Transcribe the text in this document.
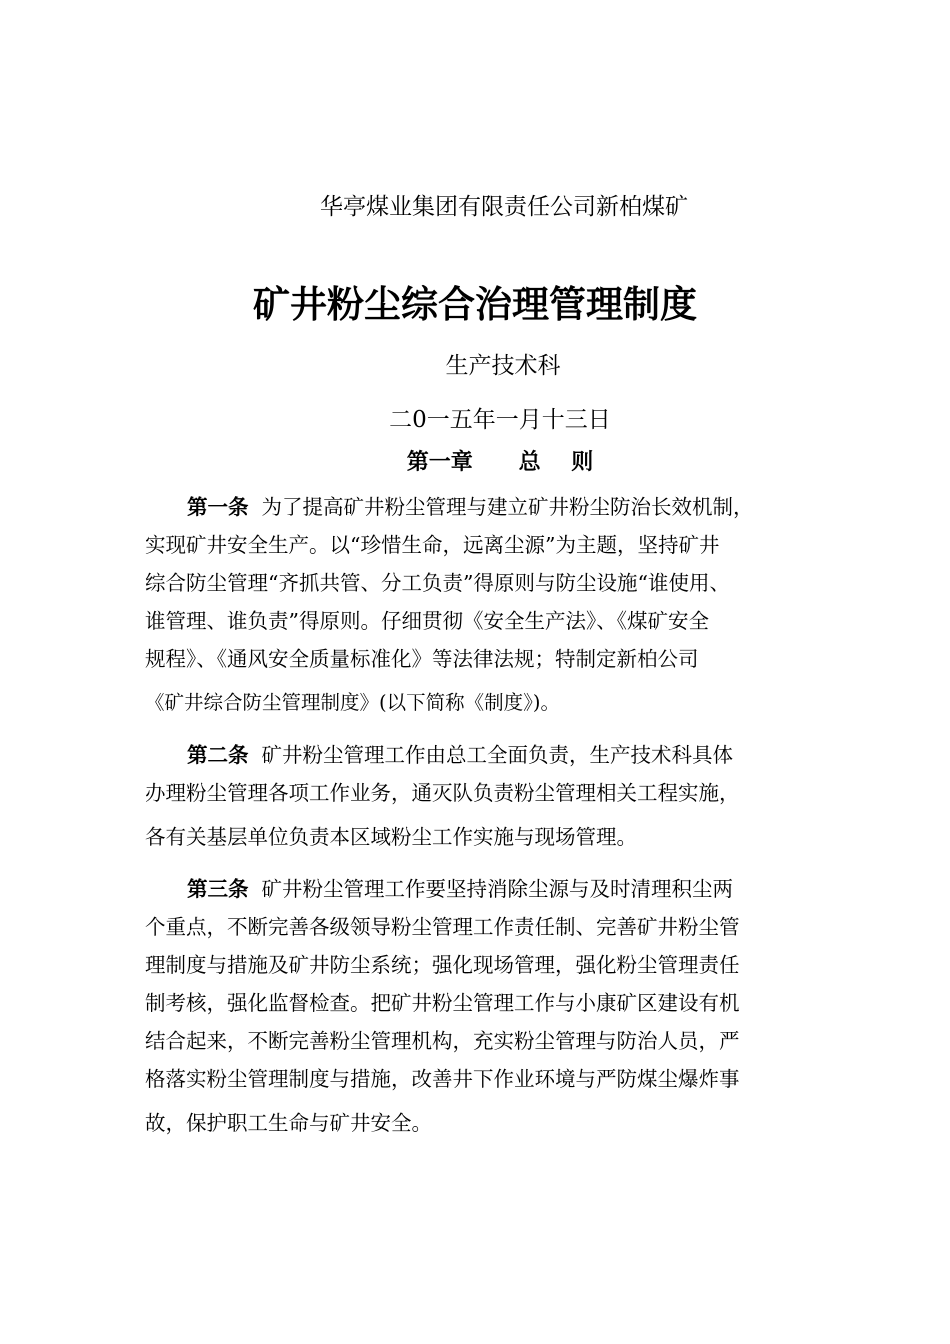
华亭煤业集团有限责任公司新柏煤矿
矿井粉尘综合治理管理制度
生产技术科
二0一五年一月十三日
第一章      总    则
第一条 为了提高矿井粉尘管理与建立矿井粉尘防治长效机制，
实现矿井安全生产。以“珍惜生命，远离尘源”为主题，坚持矿井
综合防尘管理“齐抓共管、分工负责”得原则与防尘设施“谁使用、
谁管理、谁负责”得原则。仔细贯彻《安全生产法》、《煤矿安全
规程》、《通风安全质量标准化》等法律法规；特制定新柏公司
《矿井综合防尘管理制度》(以下简称《制度》)。
第二条 矿井粉尘管理工作由总工全面负责，生产技术科具体
办理粉尘管理各项工作业务，通灭队负责粉尘管理相关工程实施，
各有关基层单位负责本区域粉尘工作实施与现场管理。
第三条 矿井粉尘管理工作要坚持消除尘源与及时清理积尘两
个重点，不断完善各级领导粉尘管理工作责任制、完善矿井粉尘管
理制度与措施及矿井防尘系统；强化现场管理，强化粉尘管理责任
制考核，强化监督检查。把矿井粉尘管理工作与小康矿区建设有机
结合起来，不断完善粉尘管理机构，充实粉尘管理与防治人员，严
格落实粉尘管理制度与措施，改善井下作业环境与严防煤尘爆炸事
故，保护职工生命与矿井安全。
